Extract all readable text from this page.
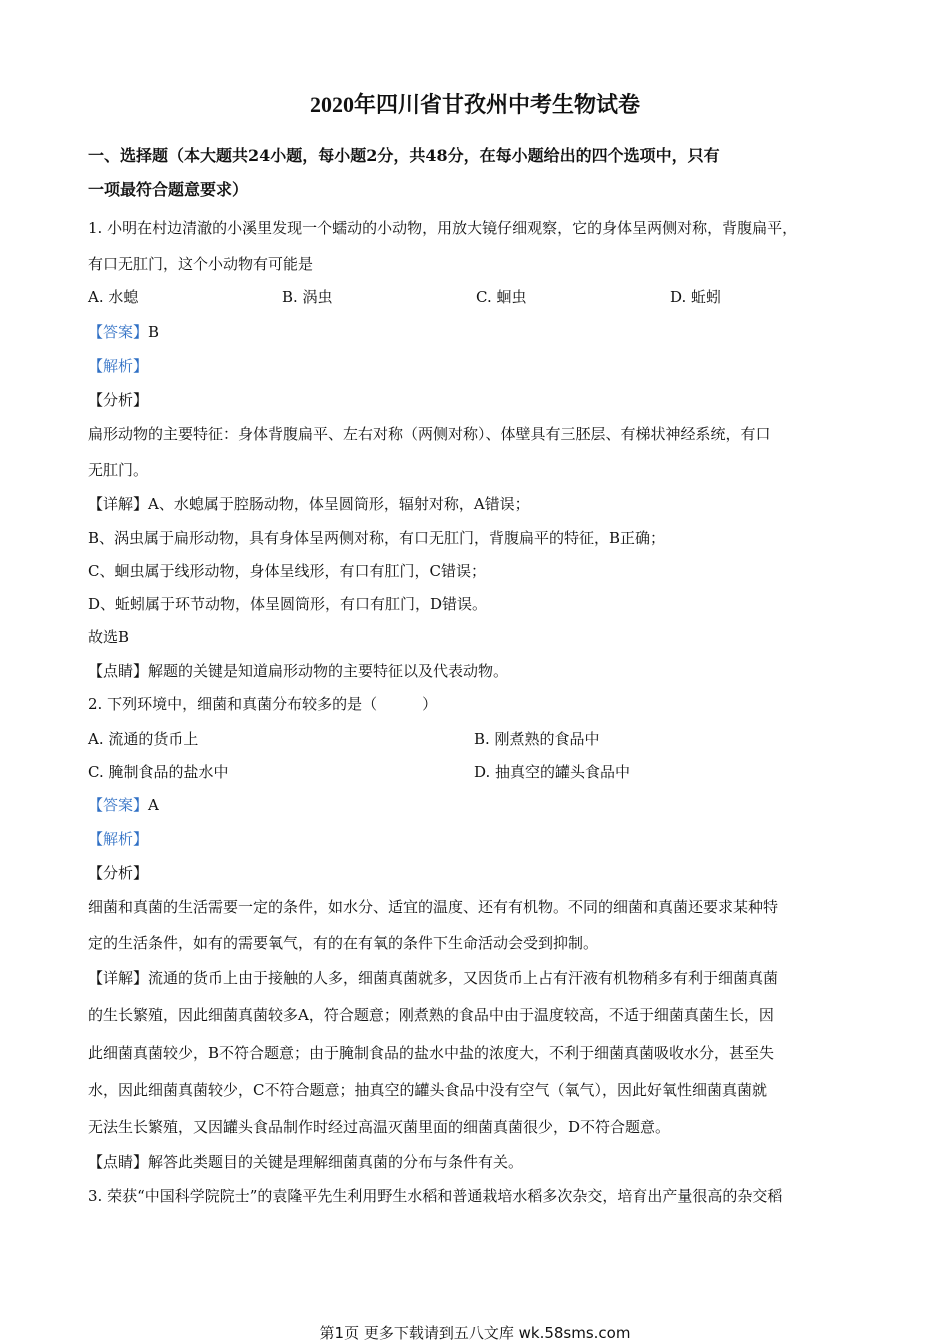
2020年四川省甘孜州中考生物试卷
一、选择题（本大题共24小题，每小题2分，共48分，在每小题给出的四个选项中，只有
一项最符合题意要求）
1. 小明在村边清澈的小溪里发现一个蠕动的小动物，用放大镜仔细观察，它的身体呈两侧对称，背腹扁平，
有口无肛门，这个小动物有可能是
A. 水螅	B. 涡虫	C. 蛔虫	D. 蚯蚓
【答案】B
【解析】
【分析】
扁形动物的主要特征：身体背腹扁平、左右对称（两侧对称）、体壁具有三胚层、有梯状神经系统，有口
无肛门。
【详解】A、水螅属于腔肠动物，体呈圆筒形，辐射对称，A错误；
B、涡虫属于扁形动物，具有身体呈两侧对称，有口无肛门，背腹扁平的特征，B正确；
C、蛔虫属于线形动物，身体呈线形，有口有肛门，C错误；
D、蚯蚓属于环节动物，体呈圆筒形，有口有肛门，D错误。
故选B
【点睛】解题的关键是知道扁形动物的主要特征以及代表动物。
2. 下列环境中，细菌和真菌分布较多的是（　　　）
A. 流通的货币上	B. 刚煮熟的食品中
C. 腌制食品的盐水中	D. 抽真空的罐头食品中
【答案】A
【解析】
【分析】
细菌和真菌的生活需要一定的条件，如水分、适宜的温度、还有有机物。不同的细菌和真菌还要求某种特
定的生活条件，如有的需要氧气，有的在有氧的条件下生命活动会受到抑制。
【详解】流通的货币上由于接触的人多，细菌真菌就多，又因货币上占有汗液有机物稍多有利于细菌真菌
的生长繁殖，因此细菌真菌较多A，符合题意；刚煮熟的食品中由于温度较高，不适于细菌真菌生长，因
此细菌真菌较少，B不符合题意；由于腌制食品的盐水中盐的浓度大，不利于细菌真菌吸收水分，甚至失
水，因此细菌真菌较少，C不符合题意；抽真空的罐头食品中没有空气（氧气），因此好氧性细菌真菌就
无法生长繁殖，又因罐头食品制作时经过高温灭菌里面的细菌真菌很少，D不符合题意。
【点睛】解答此类题目的关键是理解细菌真菌的分布与条件有关。
3. 荣获“中国科学院院士”的袁隆平先生利用野生水稻和普通栽培水稻多次杂交，培育出产量很高的杂交稻
第1页 更多下载请到五八文库 wk.58sms.com
